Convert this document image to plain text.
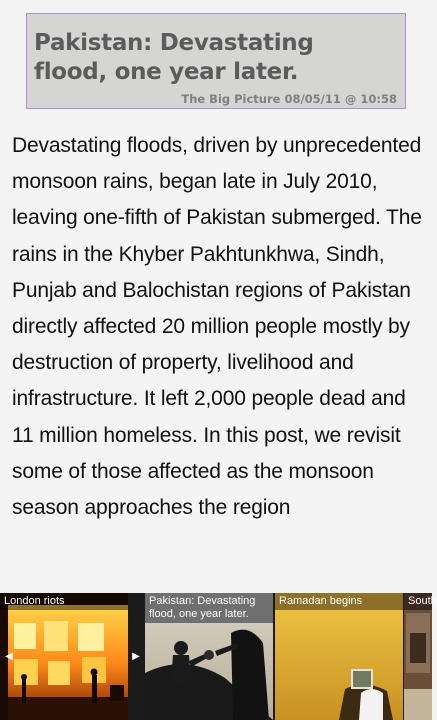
Pakistan: Devastating flood, one year later.
The Big Picture 08/05/11 @ 10:58

Devastating floods, driven by unprecedented monsoon rains, began late in July 2010, leaving one-fifth of Pakistan submerged. The rains in the Khyber Pakhtunkhwa, Sindh, Punjab and Balochistan regions of Pakistan directly affected 20 million people mostly by destruction of property, livelihood and infrastructure. It left 2,000 people dead and 11 million homeless. In this post, we revisit some of those affected as the monsoon season approaches the region

London riots
◀
Pakistan: Devastating flood, one year later.
▶
Ramadan begins	South
